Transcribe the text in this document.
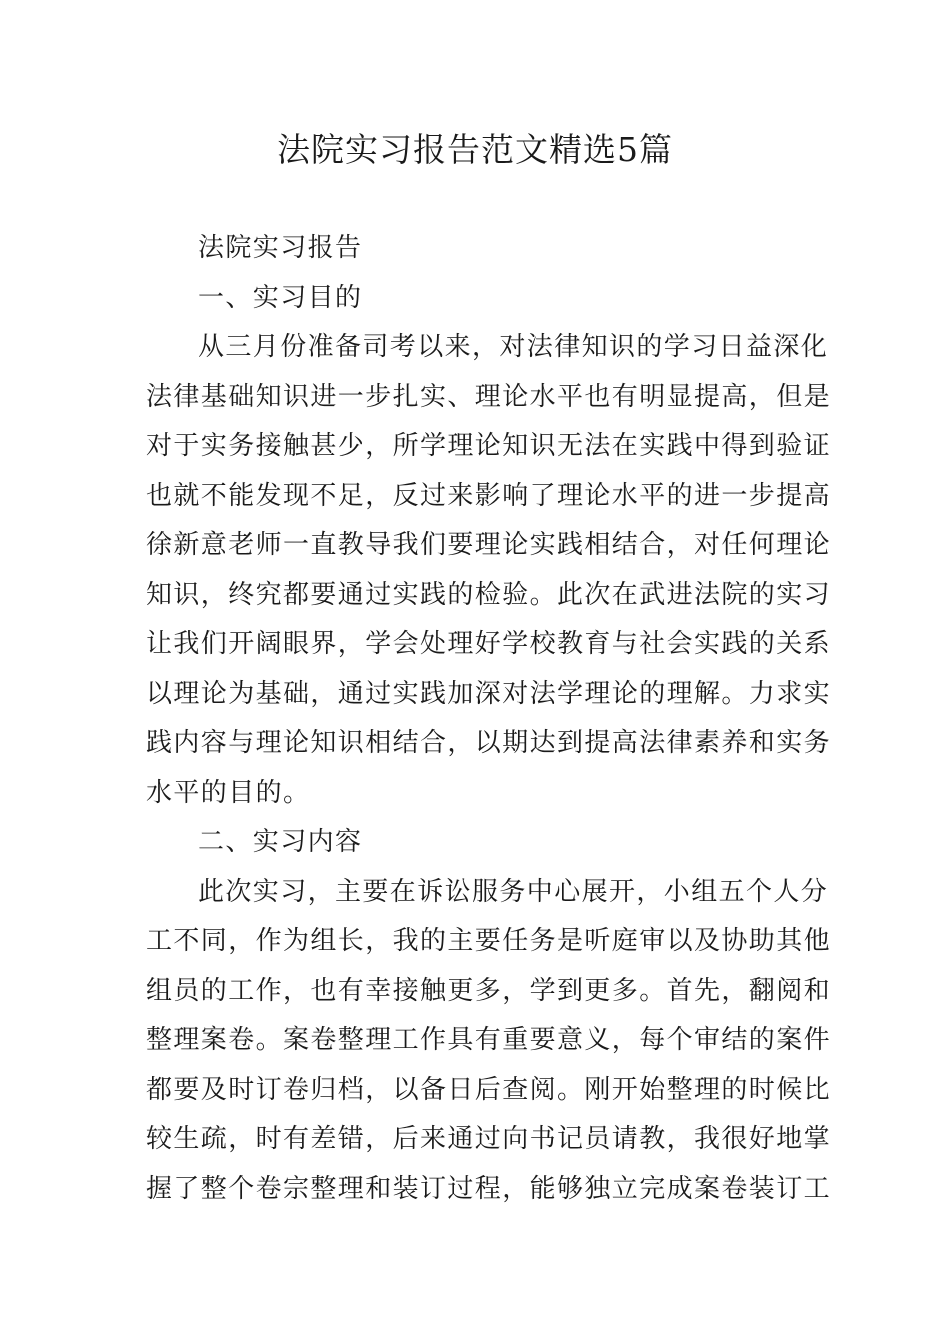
法院实习报告范文精选5篇

法院实习报告

一、实习目的

从三月份准备司考以来，对法律知识的学习日益深化
法律基础知识进一步扎实、理论水平也有明显提高，但是
对于实务接触甚少，所学理论知识无法在实践中得到验证
也就不能发现不足，反过来影响了理论水平的进一步提高
徐新意老师一直教导我们要理论实践相结合，对任何理论
知识，终究都要通过实践的检验。此次在武进法院的实习
让我们开阔眼界，学会处理好学校教育与社会实践的关系
以理论为基础，通过实践加深对法学理论的理解。力求实
践内容与理论知识相结合，以期达到提高法律素养和实务
水平的目的。

二、实习内容

此次实习，主要在诉讼服务中心展开，小组五个人分
工不同，作为组长，我的主要任务是听庭审以及协助其他
组员的工作，也有幸接触更多，学到更多。首先，翻阅和
整理案卷。案卷整理工作具有重要意义，每个审结的案件
都要及时订卷归档，以备日后查阅。刚开始整理的时候比
较生疏，时有差错，后来通过向书记员请教，我很好地掌
握了整个卷宗整理和装订过程，能够独立完成案卷装订工
